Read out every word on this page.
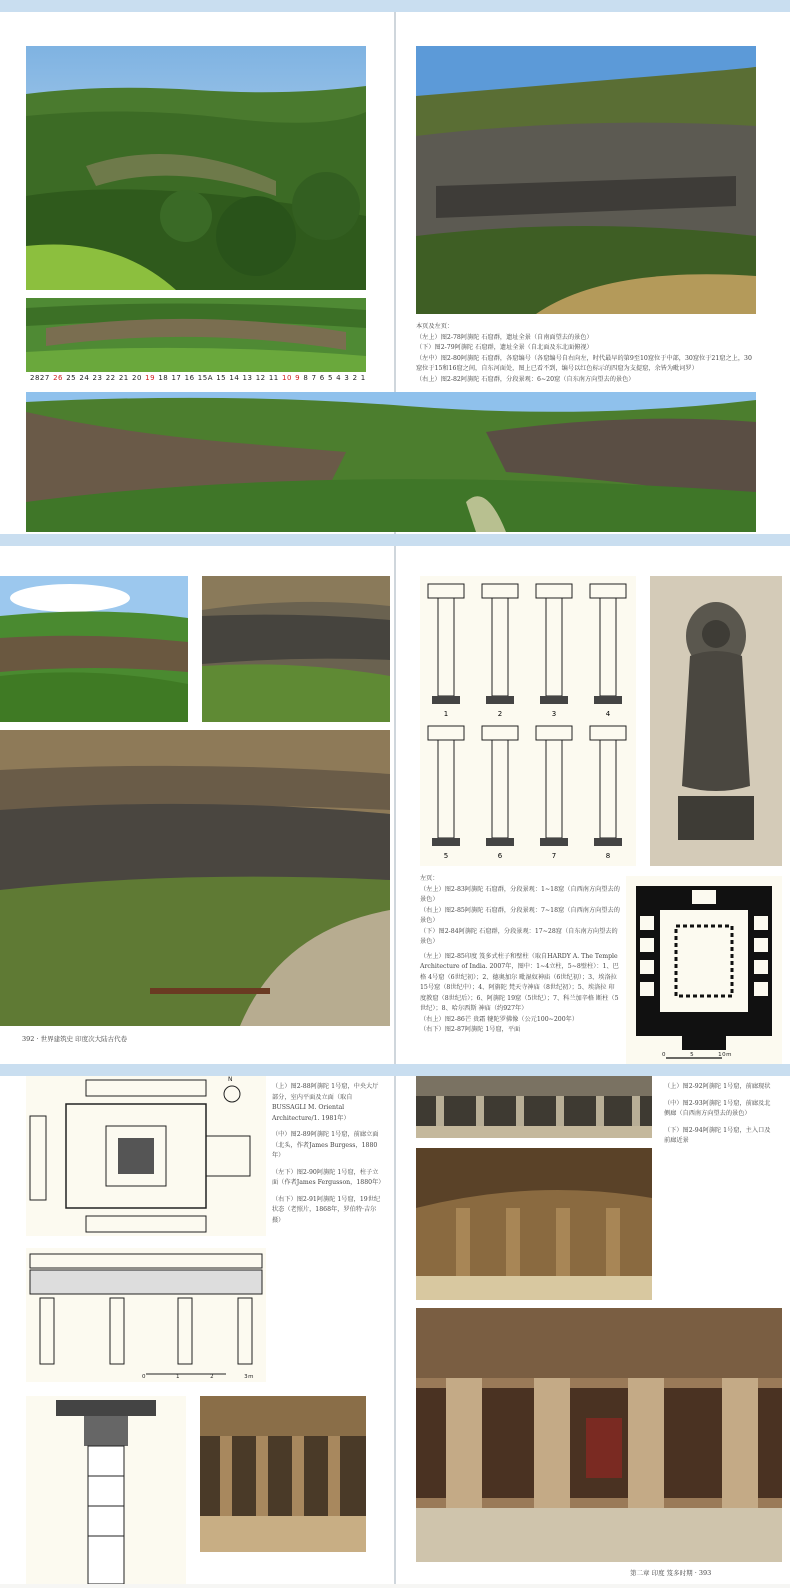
2827 26 25 24 23 22 21 20 19 18 17 16 15A 15 14 13 12 11 10 9 8 7 6 5 4 3 2 1

本页及左页：

（左上）图2-78阿旃陀 石窟群，遗址全景（自南面望去的景色）

（下）图2-79阿旃陀 石窟群，遗址全景（自北面及东北面俯视）

（左中）图2-80阿旃陀 石窟群，各窟编号（各窟编号自右向左，时代最早的第9至10窟位于中部，30窟位于21窟之上，30窟位于15和16窟之间，自东河面处，图上已看不到，编号以红色标示的四窟为支提窟，余皆为毗诃罗）

（右上）图2-82阿旃陀 石窟群，分段景观：6~20窟（自东南方向望去的景色）

392 · 世界建筑史 印度次大陆古代卷
1	2	3	4
5	6	7	8

左页：

（左上）图2-83阿旃陀 石窟群，分段景观：1~18窟（自西南方向望去的景色）

（右上）图2-85阿旃陀 石窟群，分段景观：7~18窟（自西南方向望去的景色）

（下）图2-84阿旃陀 石窟群，分段景观：17~28窟（自东南方向望去的景色）

（左上）图2-85印度 笈多式柱子和壁柱（取自HARDY A. The Temple Architecture of India. 2007年，图中：1~4立柱，5~8壁柱）：1、巴格 4号窟（6世纪初）；2、德奥加尔 毗湿奴神庙（6世纪初）；3、埃洛拉 15号窟（8世纪中）；4、阿旃陀 梵天寺神庙（8世纪初）；5、埃洛拉 印度教窟（8世纪后）；6、阿旃陀 19窟（5世纪）；7、科兰加辛格 断柱（5世纪）；8、哈尔西斯 神庙（约927年）

（右上）图2-86芒 贵霜 犍陀罗佛像（公元100~200年）

（右下）图2-87阿旃陀 1号窟，平面

0	5	10m
N
0	1	2	3m

（上）图2-88阿旃陀 1号窟，中央大厅部分，室内平面及立面（取自BUSSAGLI M. Oriental Architecture/1. 1981年）

（中）图2-89阿旃陀 1号窟，前廊立面（北头，作者James Burgess，1880年）

（左下）图2-90阿旃陀 1号窟，柱子立面（作者James Fergusson，1880年）

（右下）图2-91阿旃陀 1号窟，19世纪状态（老照片，1868年，罗伯特·吉尔摄）

（上）图2-92阿旃陀 1号窟，前廊现状

（中）图2-93阿旃陀 1号窟，前廊及北侧廊（自西南方向望去的景色）

（下）图2-94阿旃陀 1号窟，主入口及前廊近景

第二章 印度 笈多时期 · 393
